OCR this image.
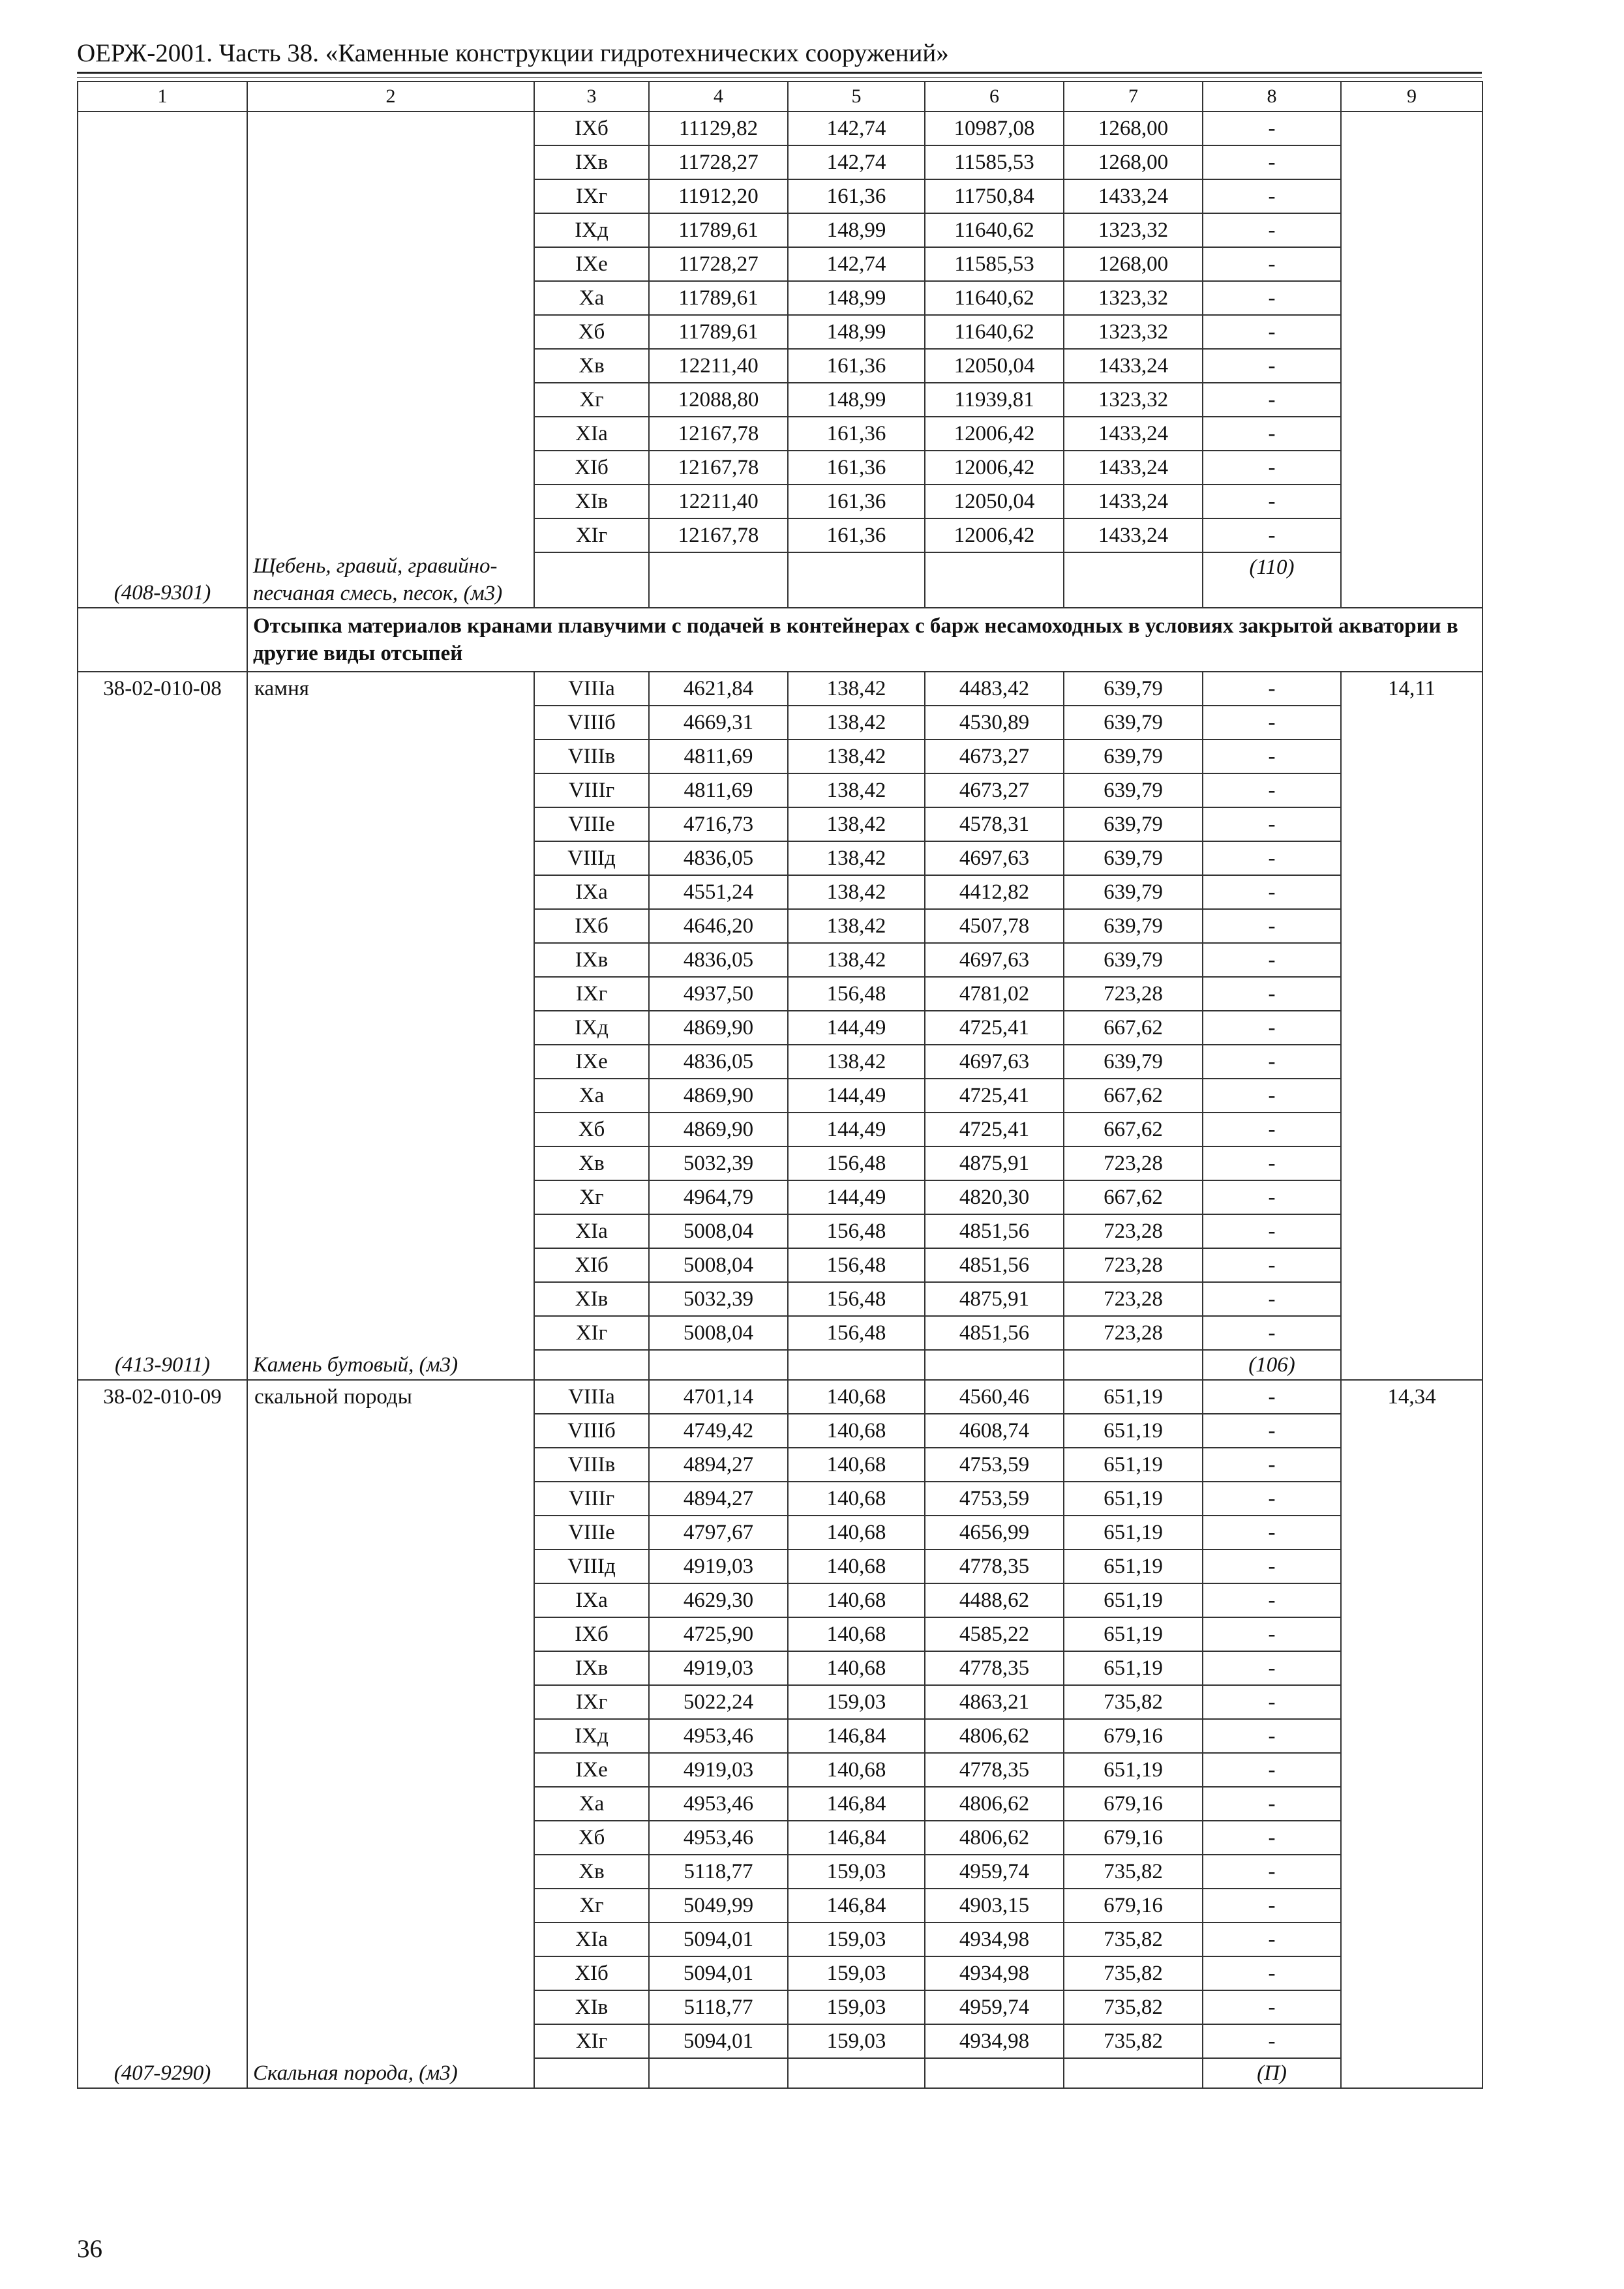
ОЕРЖ-2001. Часть 38. «Каменные конструкции гидротехнических сооружений»
1	2	3	4	5	6	7	8	9
		IXб	11129,82	142,74	10987,08	1268,00	-	
		IXв	11728,27	142,74	11585,53	1268,00	-	
		IXг	11912,20	161,36	11750,84	1433,24	-	
		IXд	11789,61	148,99	11640,62	1323,32	-	
		IXе	11728,27	142,74	11585,53	1268,00	-	
		Xа	11789,61	148,99	11640,62	1323,32	-	
		Xб	11789,61	148,99	11640,62	1323,32	-	
		Xв	12211,40	161,36	12050,04	1433,24	-	
		Xг	12088,80	148,99	11939,81	1323,32	-	
		XIа	12167,78	161,36	12006,42	1433,24	-	
		XIб	12167,78	161,36	12006,42	1433,24	-	
		XIв	12211,40	161,36	12050,04	1433,24	-	
		XIг	12167,78	161,36	12006,42	1433,24	-	
(408-9301)	Щебень, гравий, гравийно-песчаная смесь, песок, (м3)						(110)	
	Отсыпка материалов кранами плавучими с подачей в контейнерах с барж несамоходных в условиях закрытой акватории в другие виды отсыпей							
38-02-010-08	камня	VIIIа	4621,84	138,42	4483,42	639,79	-	14,11
		VIIIб	4669,31	138,42	4530,89	639,79	-	
		VIIIв	4811,69	138,42	4673,27	639,79	-	
		VIIIг	4811,69	138,42	4673,27	639,79	-	
		VIIIе	4716,73	138,42	4578,31	639,79	-	
		VIIIд	4836,05	138,42	4697,63	639,79	-	
		IXа	4551,24	138,42	4412,82	639,79	-	
		IXб	4646,20	138,42	4507,78	639,79	-	
		IXв	4836,05	138,42	4697,63	639,79	-	
		IXг	4937,50	156,48	4781,02	723,28	-	
		IXд	4869,90	144,49	4725,41	667,62	-	
		IXе	4836,05	138,42	4697,63	639,79	-	
		Xа	4869,90	144,49	4725,41	667,62	-	
		Xб	4869,90	144,49	4725,41	667,62	-	
		Xв	5032,39	156,48	4875,91	723,28	-	
		Xг	4964,79	144,49	4820,30	667,62	-	
		XIа	5008,04	156,48	4851,56	723,28	-	
		XIб	5008,04	156,48	4851,56	723,28	-	
		XIв	5032,39	156,48	4875,91	723,28	-	
		XIг	5008,04	156,48	4851,56	723,28	-	
(413-9011)	Камень бутовый, (м3)						(106)	
38-02-010-09	скальной породы	VIIIа	4701,14	140,68	4560,46	651,19	-	14,34
		VIIIб	4749,42	140,68	4608,74	651,19	-	
		VIIIв	4894,27	140,68	4753,59	651,19	-	
		VIIIг	4894,27	140,68	4753,59	651,19	-	
		VIIIе	4797,67	140,68	4656,99	651,19	-	
		VIIIд	4919,03	140,68	4778,35	651,19	-	
		IXа	4629,30	140,68	4488,62	651,19	-	
		IXб	4725,90	140,68	4585,22	651,19	-	
		IXв	4919,03	140,68	4778,35	651,19	-	
		IXг	5022,24	159,03	4863,21	735,82	-	
		IXд	4953,46	146,84	4806,62	679,16	-	
		IXе	4919,03	140,68	4778,35	651,19	-	
		Xа	4953,46	146,84	4806,62	679,16	-	
		Xб	4953,46	146,84	4806,62	679,16	-	
		Xв	5118,77	159,03	4959,74	735,82	-	
		Xг	5049,99	146,84	4903,15	679,16	-	
		XIа	5094,01	159,03	4934,98	735,82	-	
		XIб	5094,01	159,03	4934,98	735,82	-	
		XIв	5118,77	159,03	4959,74	735,82	-	
		XIг	5094,01	159,03	4934,98	735,82	-	
(407-9290)	Скальная порода, (м3)						(П)	
36
